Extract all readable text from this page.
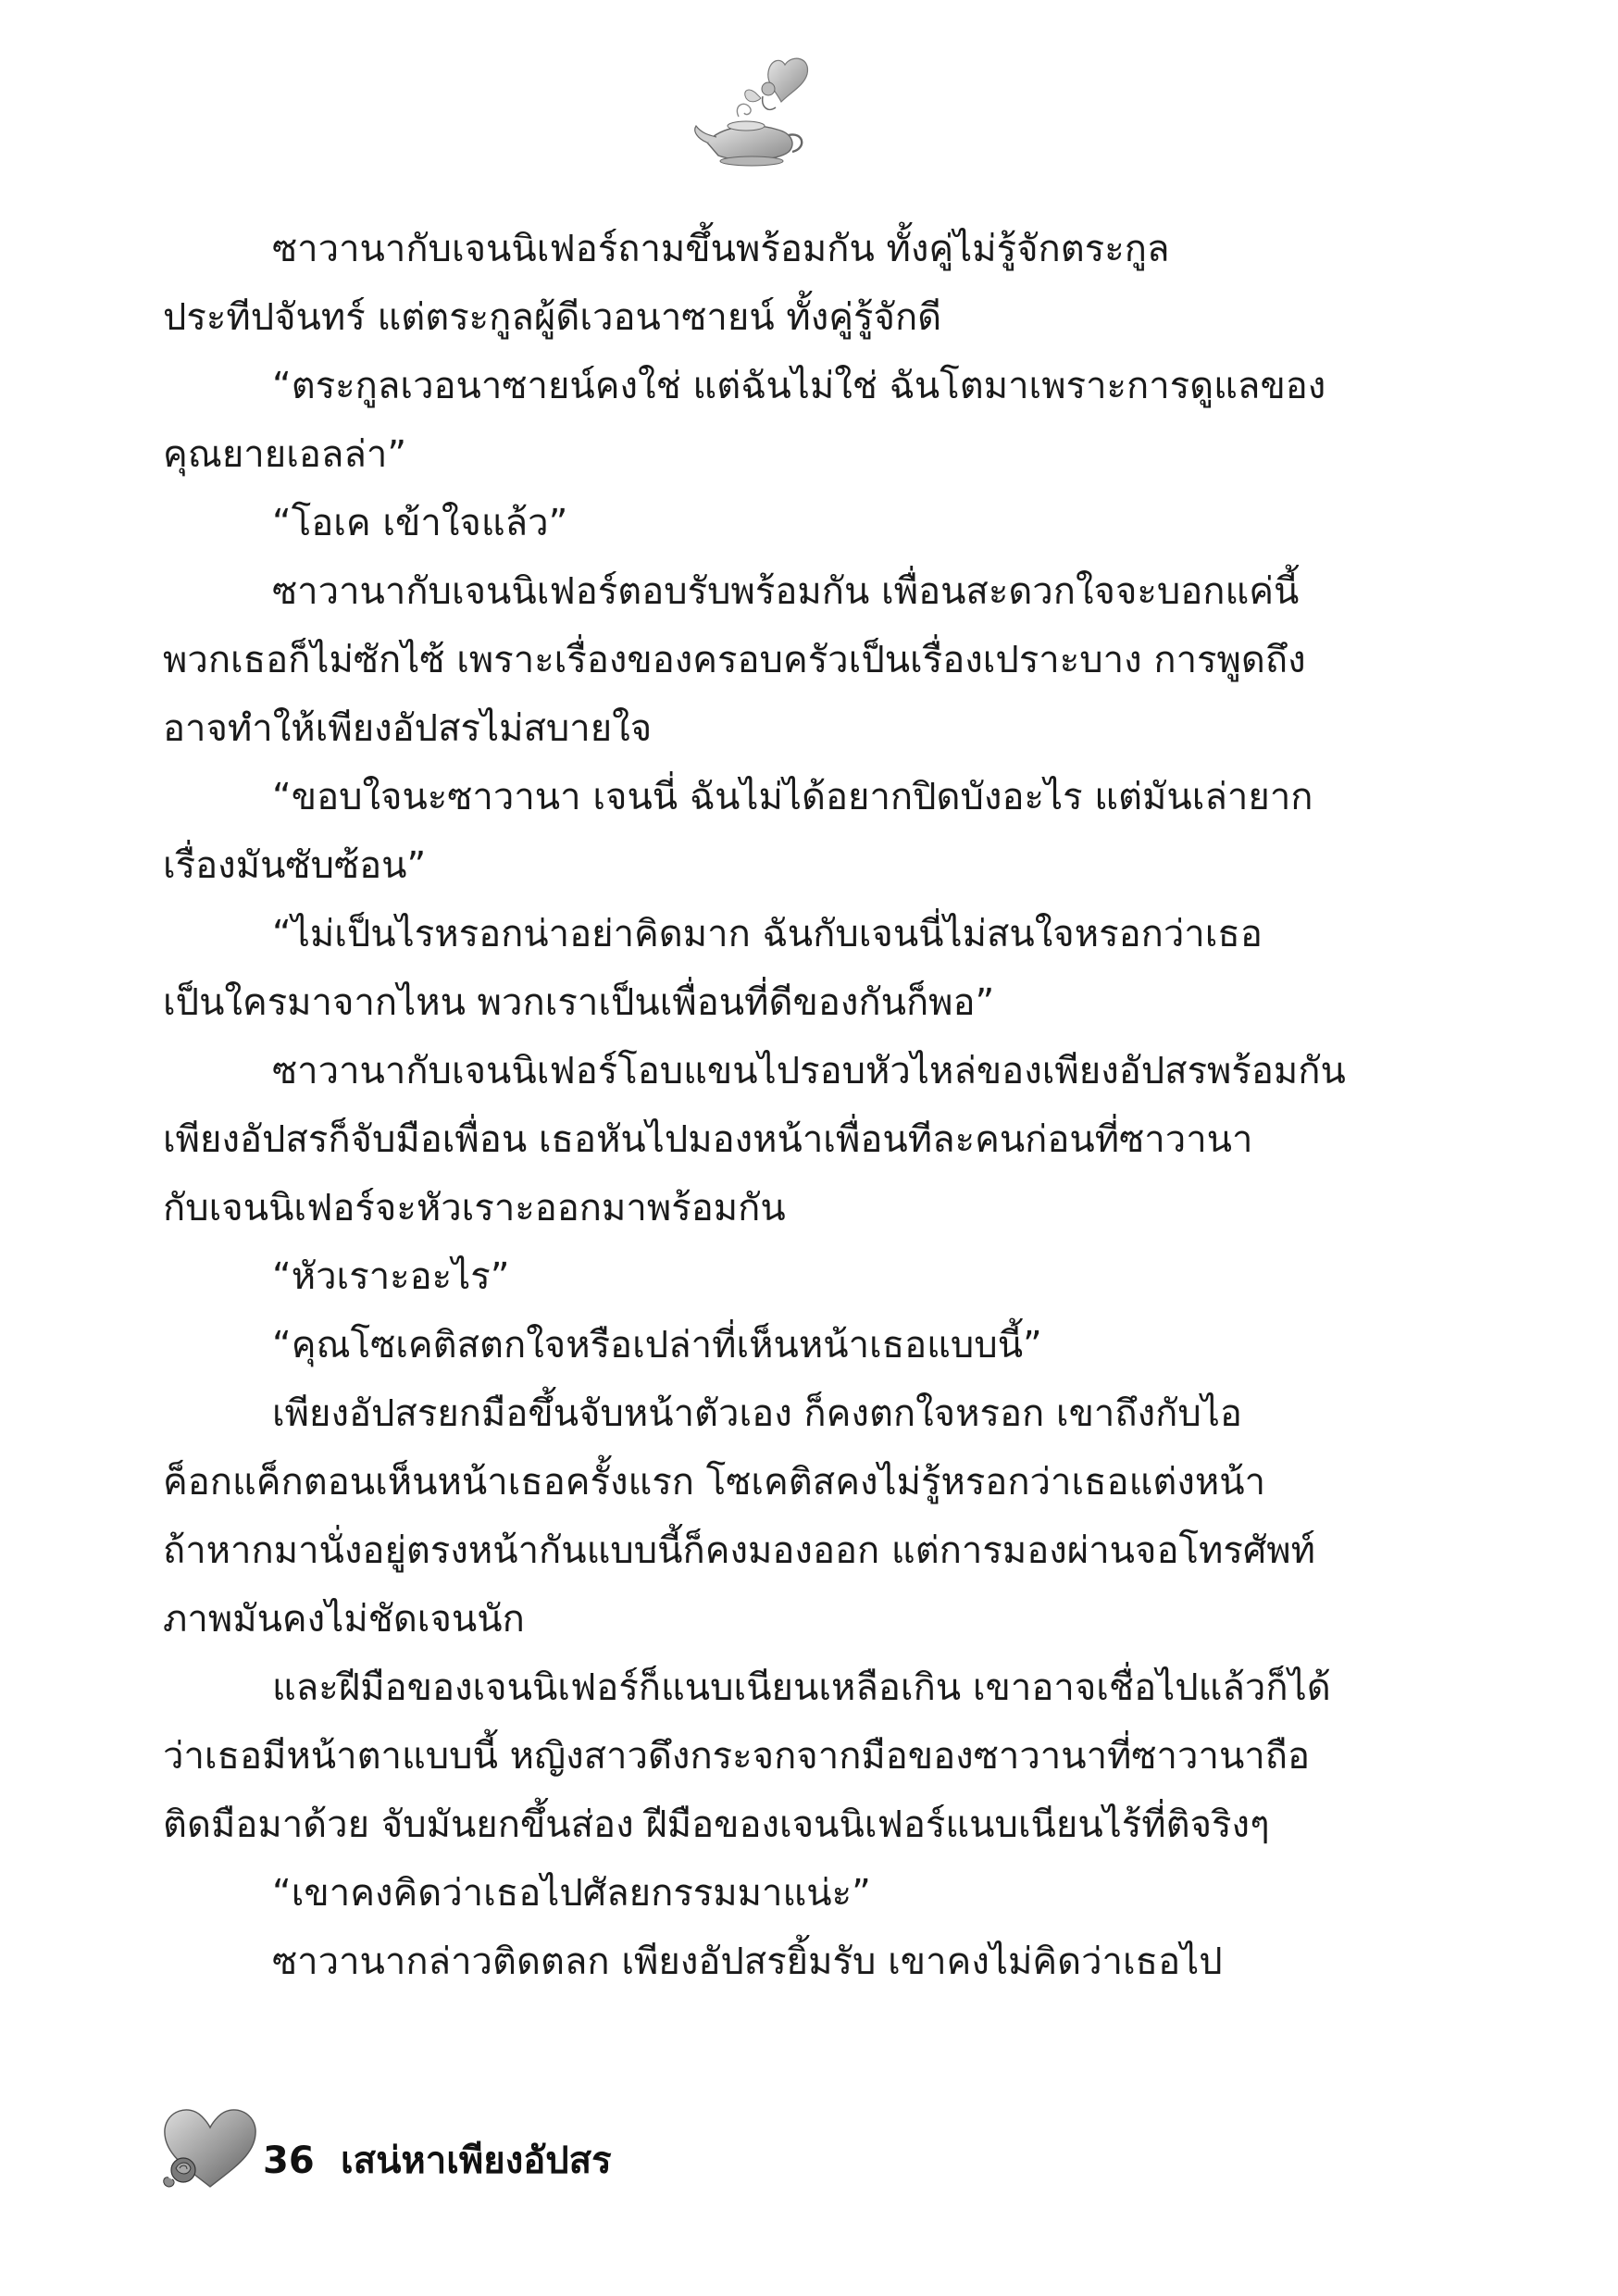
ซาวานากับเจนนิเฟอร์ถามขึ้นพร้อมกัน ทั้งคู่ไม่รู้จักตระกูล
ประทีปจันทร์ แต่ตระกูลผู้ดีเวอนาซายน์ ทั้งคู่รู้จักดี
“ตระกูลเวอนาซายน์คงใช่ แต่ฉันไม่ใช่ ฉันโตมาเพราะการดูแลของ
คุณยายเอลล่า”
“โอเค เข้าใจแล้ว”
ซาวานากับเจนนิเฟอร์ตอบรับพร้อมกัน เพื่อนสะดวกใจจะบอกแค่นี้
พวกเธอก็ไม่ซักไซ้ เพราะเรื่องของครอบครัวเป็นเรื่องเปราะบาง การพูดถึง
อาจทำให้เพียงอัปสรไม่สบายใจ
“ขอบใจนะซาวานา เจนนี่ ฉันไม่ได้อยากปิดบังอะไร แต่มันเล่ายาก
เรื่องมันซับซ้อน”
“ไม่เป็นไรหรอกน่าอย่าคิดมาก ฉันกับเจนนี่ไม่สนใจหรอกว่าเธอ
เป็นใครมาจากไหน พวกเราเป็นเพื่อนที่ดีของกันก็พอ”
ซาวานากับเจนนิเฟอร์โอบแขนไปรอบหัวไหล่ของเพียงอัปสรพร้อมกัน
เพียงอัปสรก็จับมือเพื่อน เธอหันไปมองหน้าเพื่อนทีละคนก่อนที่ซาวานา
กับเจนนิเฟอร์จะหัวเราะออกมาพร้อมกัน
“หัวเราะอะไร”
“คุณโซเคติสตกใจหรือเปล่าที่เห็นหน้าเธอแบบนี้”
เพียงอัปสรยกมือขึ้นจับหน้าตัวเอง ก็คงตกใจหรอก เขาถึงกับไอ
ค็อกแค็กตอนเห็นหน้าเธอครั้งแรก โซเคติสคงไม่รู้หรอกว่าเธอแต่งหน้า
ถ้าหากมานั่งอยู่ตรงหน้ากันแบบนี้ก็คงมองออก แต่การมองผ่านจอโทรศัพท์
ภาพมันคงไม่ชัดเจนนัก
และฝีมือของเจนนิเฟอร์ก็แนบเนียนเหลือเกิน เขาอาจเชื่อไปแล้วก็ได้
ว่าเธอมีหน้าตาแบบนี้ หญิงสาวดึงกระจกจากมือของซาวานาที่ซาวานาถือ
ติดมือมาด้วย จับมันยกขึ้นส่อง ฝีมือของเจนนิเฟอร์แนบเนียนไร้ที่ติจริงๆ
“เขาคงคิดว่าเธอไปศัลยกรรมมาแน่ะ”
ซาวานากล่าวติดตลก เพียงอัปสรยิ้มรับ เขาคงไม่คิดว่าเธอไป
36 เสน่หาเพียงอัปสร
